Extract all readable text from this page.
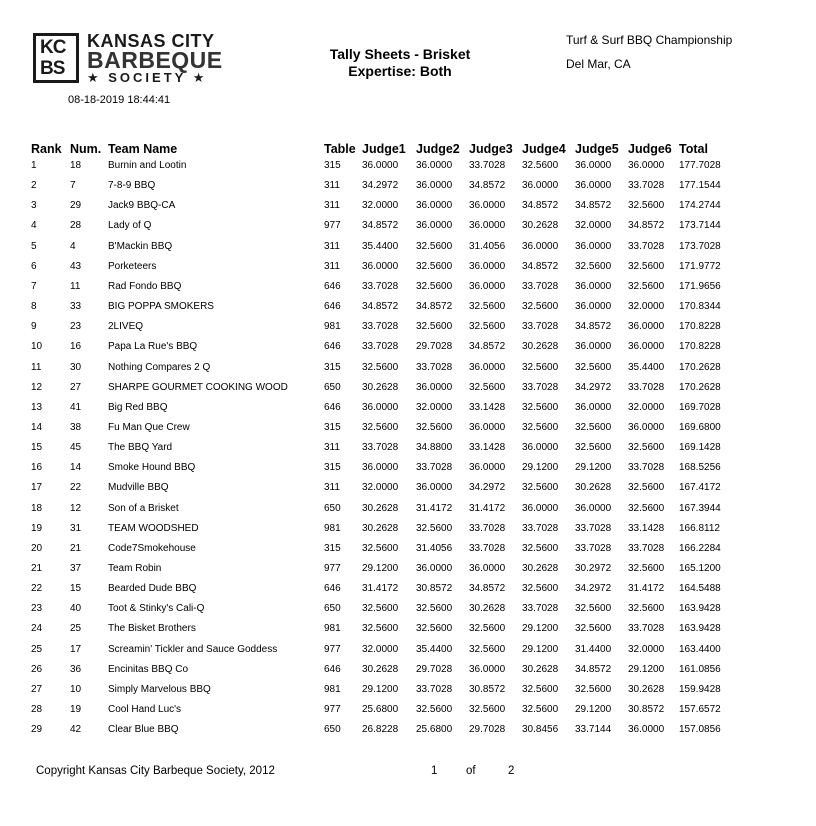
KC
BS
KANSAS CITY
BARBEQUE
★ SOCIETY ★
08-18-2019 18:44:41
Tally Sheets - Brisket
Expertise: Both
Turf & Surf BBQ Championship
Del Mar, CA
Rank Num. Team Name	Table Judge1 Judge2 Judge3 Judge4 Judge5 Judge6 Total
1	18	Burnin and Lootin	315 36.0000 36.0000 33.7028 32.5600 36.0000 36.0000 177.7028
2	7	7-8-9 BBQ	311 34.2972 36.0000 34.8572 36.0000 36.0000 33.7028 177.1544
3	29	Jack9 BBQ-CA	311 32.0000 36.0000 36.0000 34.8572 34.8572 32.5600 174.2744
4	28	Lady of Q	977 34.8572 36.0000 36.0000 30.2628 32.0000 34.8572 173.7144
5	4	B'Mackin BBQ	311 35.4400 32.5600 31.4056 36.0000 36.0000 33.7028 173.7028
6	43	Porketeers	311 36.0000 32.5600 36.0000 34.8572 32.5600 32.5600 171.9772
7	11	Rad Fondo BBQ	646 33.7028 32.5600 36.0000 33.7028 36.0000 32.5600 171.9656
8	33	BIG POPPA SMOKERS	646 34.8572 34.8572 32.5600 32.5600 36.0000 32.0000 170.8344
9	23	2LIVEQ	981 33.7028 32.5600 32.5600 33.7028 34.8572 36.0000 170.8228
10	16	Papa La Rue's BBQ	646 33.7028 29.7028 34.8572 30.2628 36.0000 36.0000 170.8228
11	30	Nothing Compares 2 Q	315 32.5600 33.7028 36.0000 32.5600 32.5600 35.4400 170.2628
12	27	SHARPE GOURMET COOKING WOOD	650 30.2628 36.0000 32.5600 33.7028 34.2972 33.7028 170.2628
13	41	Big Red BBQ	646 36.0000 32.0000 33.1428 32.5600 36.0000 32.0000 169.7028
14	38	Fu Man Que Crew	315 32.5600 32.5600 36.0000 32.5600 32.5600 36.0000 169.6800
15	45	The BBQ Yard	311 33.7028 34.8800 33.1428 36.0000 32.5600 32.5600 169.1428
16	14	Smoke Hound BBQ	315 36.0000 33.7028 36.0000 29.1200 29.1200 33.7028 168.5256
17	22	Mudville BBQ	311 32.0000 36.0000 34.2972 32.5600 30.2628 32.5600 167.4172
18	12	Son of a Brisket	650 30.2628 31.4172 31.4172 36.0000 36.0000 32.5600 167.3944
19	31	TEAM WOODSHED	981 30.2628 32.5600 33.7028 33.7028 33.7028 33.1428 166.8112
20	21	Code7Smokehouse	315 32.5600 31.4056 33.7028 32.5600 33.7028 33.7028 166.2284
21	37	Team Robin	977 29.1200 36.0000 36.0000 30.2628 30.2972 32.5600 165.1200
22	15	Bearded Dude BBQ	646 31.4172 30.8572 34.8572 32.5600 34.2972 31.4172 164.5488
23	40	Toot & Stinky's Cali-Q	650 32.5600 32.5600 30.2628 33.7028 32.5600 32.5600 163.9428
24	25	The Bisket Brothers	981 32.5600 32.5600 32.5600 29.1200 32.5600 33.7028 163.9428
25	17	Screamin' Tickler and Sauce Goddess	977 32.0000 35.4400 32.5600 29.1200 31.4400 32.0000 163.4400
26	36	Encinitas BBQ Co	646 30.2628 29.7028 36.0000 30.2628 34.8572 29.1200 161.0856
27	10	Simply Marvelous BBQ	981 29.1200 33.7028 30.8572 32.5600 32.5600 30.2628 159.9428
28	19	Cool Hand Luc's	977 25.6800 32.5600 32.5600 32.5600 29.1200 30.8572 157.6572
29	42	Clear Blue BBQ	650 26.8228 25.6800 29.7028 30.8456 33.7144 36.0000 157.0856
Copyright Kansas City Barbeque Society, 2012	1 of	2
